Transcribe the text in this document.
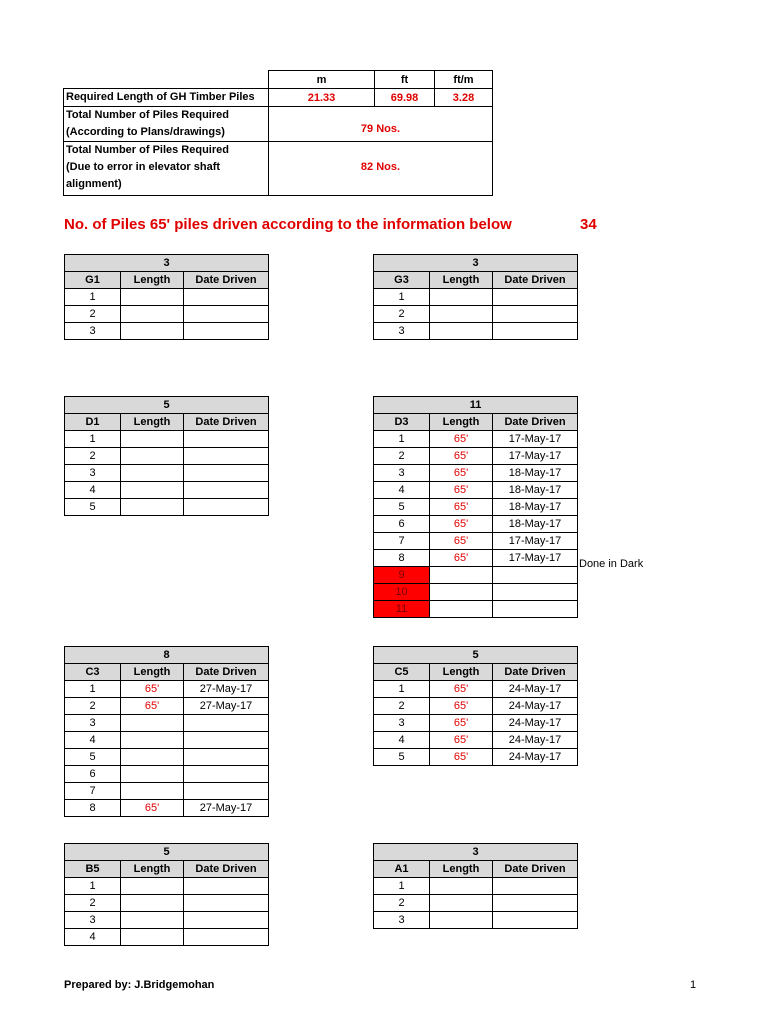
	m	ft	ft/m
Required Length of GH Timber Piles	21.33	69.98	3.28

Total Number of Piles Required
(According to Plans/drawings)	79 Nos.		

Total Number of Piles Required
(Due to error in elevator shaft
alignment)	82 Nos.		
No. of Piles 65' piles driven according to the information below	34
3		
G1	Length	Date Driven
1		
2		
3		
3		
G3	Length	Date Driven
1		
2		
3		
5		
D1	Length	Date Driven
1		
2		
3		
4		
5		
11		
D3	Length	Date Driven
1	65'	17-May-17
2	65'	17-May-17
3	65'	18-May-17
4	65'	18-May-17
5	65'	18-May-17
6	65'	18-May-17
7	65'	17-May-17
8	65'	17-May-17
9		
10		
11		
8		
C3	Length	Date Driven
1	65'	27-May-17
2	65'	27-May-17
3		
4		
5		
6		
7		
8	65'	27-May-17
5		
C5	Length	Date Driven
1	65'	24-May-17
2	65'	24-May-17
3	65'	24-May-17
4	65'	24-May-17
5	65'	24-May-17
5		
B5	Length	Date Driven
1		
2		
3		
4		
3		
A1	Length	Date Driven
1		
2		
3		
Done in Dark
Prepared by: J.Bridgemohan	1
